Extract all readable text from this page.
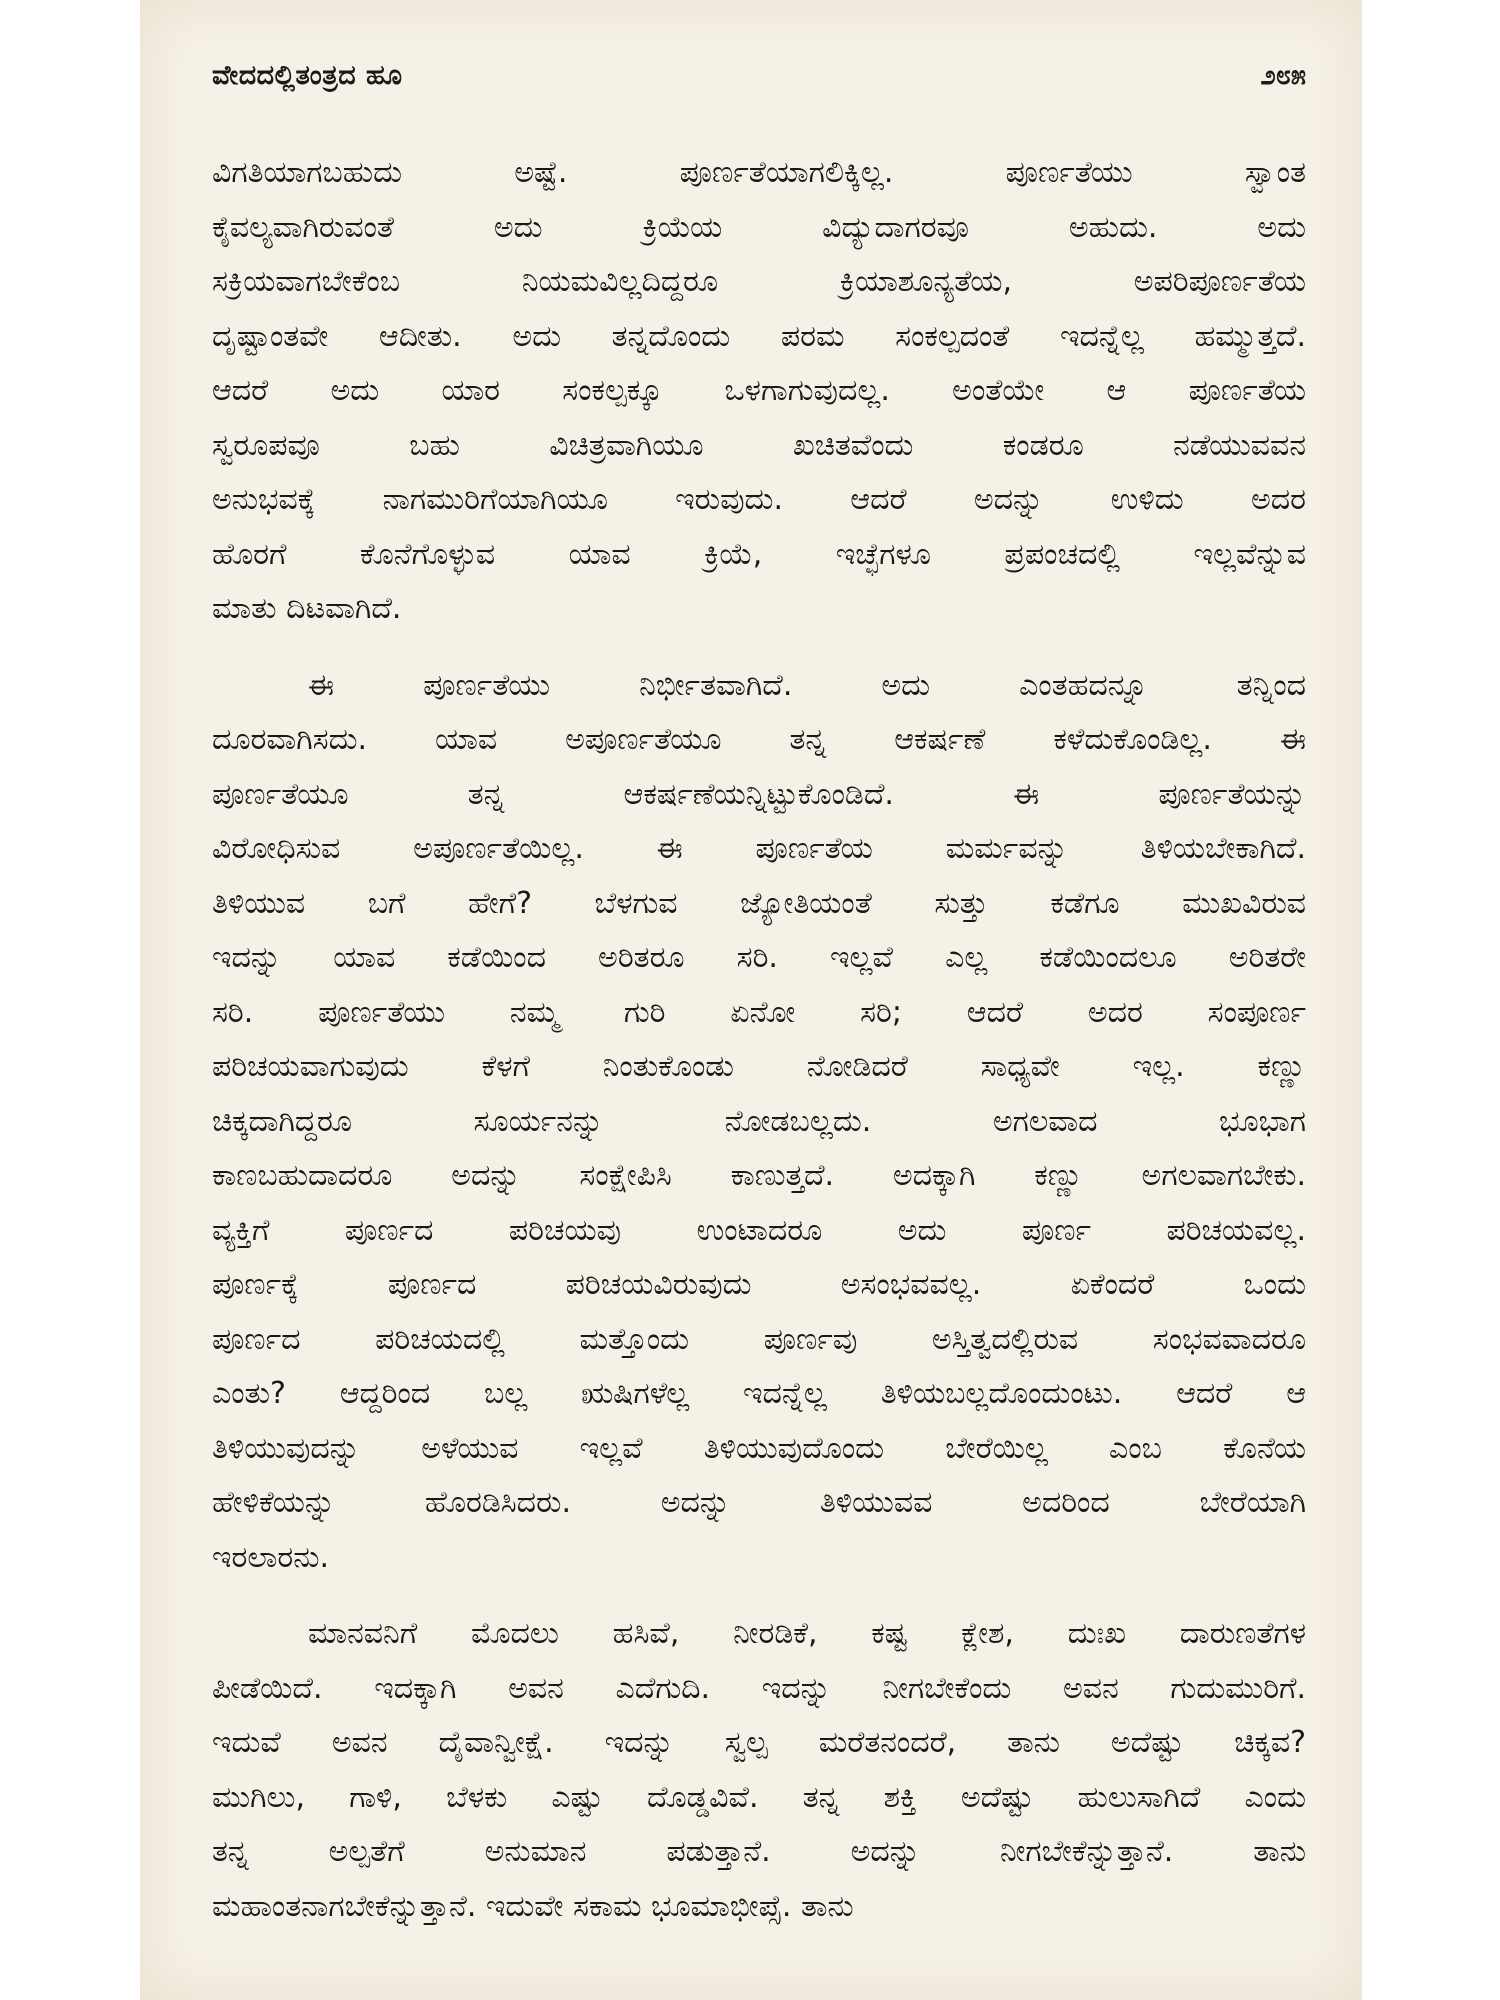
ವೇದದಲ್ಲಿತಂತ್ರದ ಹೂ	೨೮೫

ವಿಗತಿಯಾಗಬಹುದು ಅಷ್ಟೆ. ಪೂರ್ಣತೆಯಾಗಲಿಕ್ಕಿಲ್ಲ. ಪೂರ್ಣತೆಯು ಸ್ವಾಂತ
ಕೈವಲ್ಯವಾಗಿರುವಂತೆ ಅದು ಕ್ರಿಯೆಯ ವಿದ್ಯುದಾಗರವೂ ಅಹುದು. ಅದು
ಸಕ್ರಿಯವಾಗಬೇಕೆಂಬ ನಿಯಮವಿಲ್ಲದಿದ್ದರೂ ಕ್ರಿಯಾಶೂನ್ಯತೆಯ, ಅಪರಿಪೂರ್ಣತೆಯ
ದೃಷ್ಟಾಂತವೇ ಆದೀತು. ಅದು ತನ್ನದೊಂದು ಪರಮ ಸಂಕಲ್ಪದಂತೆ ಇದನ್ನೆಲ್ಲ ಹಮ್ಮುತ್ತದೆ.
ಆದರೆ ಅದು ಯಾರ ಸಂಕಲ್ಪಕ್ಕೂ ಒಳಗಾಗುವುದಲ್ಲ. ಅಂತೆಯೇ ಆ ಪೂರ್ಣತೆಯ
ಸ್ವರೂಪವೂ ಬಹು ವಿಚಿತ್ರವಾಗಿಯೂ ಖಚಿತವೆಂದು ಕಂಡರೂ ನಡೆಯುವವನ
ಅನುಭವಕ್ಕೆ ನಾಗಮುರಿಗೆಯಾಗಿಯೂ ಇರುವುದು. ಆದರೆ ಅದನ್ನು ಉಳಿದು ಅದರ
ಹೊರಗೆ ಕೊನೆಗೊಳ್ಳುವ ಯಾವ ಕ್ರಿಯೆ, ಇಚ್ಛೆಗಳೂ ಪ್ರಪಂಚದಲ್ಲಿ ಇಲ್ಲವೆನ್ನುವ
ಮಾತು ದಿಟವಾಗಿದೆ.

ಈ ಪೂರ್ಣತೆಯು ನಿರ್ಭೀತವಾಗಿದೆ. ಅದು ಎಂತಹದನ್ನೂ ತನ್ನಿಂದ
ದೂರವಾಗಿಸದು. ಯಾವ ಅಪೂರ್ಣತೆಯೂ ತನ್ನ ಆಕರ್ಷಣೆ ಕಳೆದುಕೊಂಡಿಲ್ಲ. ಈ
ಪೂರ್ಣತೆಯೂ ತನ್ನ ಆಕರ್ಷಣೆಯನ್ನಿಟ್ಟುಕೊಂಡಿದೆ. ಈ ಪೂರ್ಣತೆಯನ್ನು
ವಿರೋಧಿಸುವ ಅಪೂರ್ಣತೆಯಿಲ್ಲ. ಈ ಪೂರ್ಣತೆಯ ಮರ್ಮವನ್ನು ತಿಳಿಯಬೇಕಾಗಿದೆ.
ತಿಳಿಯುವ ಬಗೆ ಹೇಗೆ? ಬೆಳಗುವ ಜ್ಯೋತಿಯಂತೆ ಸುತ್ತು ಕಡೆಗೂ ಮುಖವಿರುವ
ಇದನ್ನು ಯಾವ ಕಡೆಯಿಂದ ಅರಿತರೂ ಸರಿ. ಇಲ್ಲವೆ ಎಲ್ಲ ಕಡೆಯಿಂದಲೂ ಅರಿತರೇ
ಸರಿ. ಪೂರ್ಣತೆಯು ನಮ್ಮ ಗುರಿ ಏನೋ ಸರಿ; ಆದರೆ ಅದರ ಸಂಪೂರ್ಣ
ಪರಿಚಯವಾಗುವುದು ಕೆಳಗೆ ನಿಂತುಕೊಂಡು ನೋಡಿದರೆ ಸಾಧ್ಯವೇ ಇಲ್ಲ. ಕಣ್ಣು
ಚಿಕ್ಕದಾಗಿದ್ದರೂ ಸೂರ್ಯನನ್ನು ನೋಡಬಲ್ಲದು. ಅಗಲವಾದ ಭೂಭಾಗ
ಕಾಣಬಹುದಾದರೂ ಅದನ್ನು ಸಂಕ್ಷೇಪಿಸಿ ಕಾಣುತ್ತದೆ. ಅದಕ್ಕಾಗಿ ಕಣ್ಣು ಅಗಲವಾಗಬೇಕು.
ವ್ಯಕ್ತಿಗೆ ಪೂರ್ಣದ ಪರಿಚಯವು ಉಂಟಾದರೂ ಅದು ಪೂರ್ಣ ಪರಿಚಯವಲ್ಲ.
ಪೂರ್ಣಕ್ಕೆ ಪೂರ್ಣದ ಪರಿಚಯವಿರುವುದು ಅಸಂಭವವಲ್ಲ. ಏಕೆಂದರೆ ಒಂದು
ಪೂರ್ಣದ ಪರಿಚಯದಲ್ಲಿ ಮತ್ತೊಂದು ಪೂರ್ಣವು ಅಸ್ತಿತ್ವದಲ್ಲಿರುವ ಸಂಭವವಾದರೂ
ಎಂತು? ಆದ್ದರಿಂದ ಬಲ್ಲ ಋಷಿಗಳೆಲ್ಲ ಇದನ್ನೆಲ್ಲ ತಿಳಿಯಬಲ್ಲದೊಂದುಂಟು. ಆದರೆ ಆ
ತಿಳಿಯುವುದನ್ನು ಅಳೆಯುವ ಇಲ್ಲವೆ ತಿಳಿಯುವುದೊಂದು ಬೇರೆಯಿಲ್ಲ ಎಂಬ ಕೊನೆಯ
ಹೇಳಿಕೆಯನ್ನು ಹೊರಡಿಸಿದರು. ಅದನ್ನು ತಿಳಿಯುವವ ಅದರಿಂದ ಬೇರೆಯಾಗಿ
ಇರಲಾರನು.

ಮಾನವನಿಗೆ ಮೊದಲು ಹಸಿವೆ, ನೀರಡಿಕೆ, ಕಷ್ಟ ಕ್ಲೇಶ, ದುಃಖ ದಾರುಣತೆಗಳ
ಪೀಡೆಯಿದೆ. ಇದಕ್ಕಾಗಿ ಅವನ ಎದೆಗುದಿ. ಇದನ್ನು ನೀಗಬೇಕೆಂದು ಅವನ ಗುದುಮುರಿಗೆ.
ಇದುವೆ ಅವನ ದೈವಾನ್ವೀಕ್ಷೆ. ಇದನ್ನು ಸ್ವಲ್ಪ ಮರೆತನಂದರೆ, ತಾನು ಅದೆಷ್ಟು ಚಿಕ್ಕವ?
ಮುಗಿಲು, ಗಾಳಿ, ಬೆಳಕು ಎಷ್ಟು ದೊಡ್ಡವಿವೆ. ತನ್ನ ಶಕ್ತಿ ಅದೆಷ್ಟು ಹುಲುಸಾಗಿದೆ ಎಂದು
ತನ್ನ ಅಲ್ಪತೆಗೆ ಅನುಮಾನ ಪಡುತ್ತಾನೆ. ಅದನ್ನು ನೀಗಬೇಕೆನ್ನುತ್ತಾನೆ. ತಾನು
ಮಹಾಂತನಾಗಬೇಕೆನ್ನುತ್ತಾನೆ. ಇದುವೇ ಸಕಾಮ ಭೂಮಾಭೀಪ್ಸೆ. ತಾನು
